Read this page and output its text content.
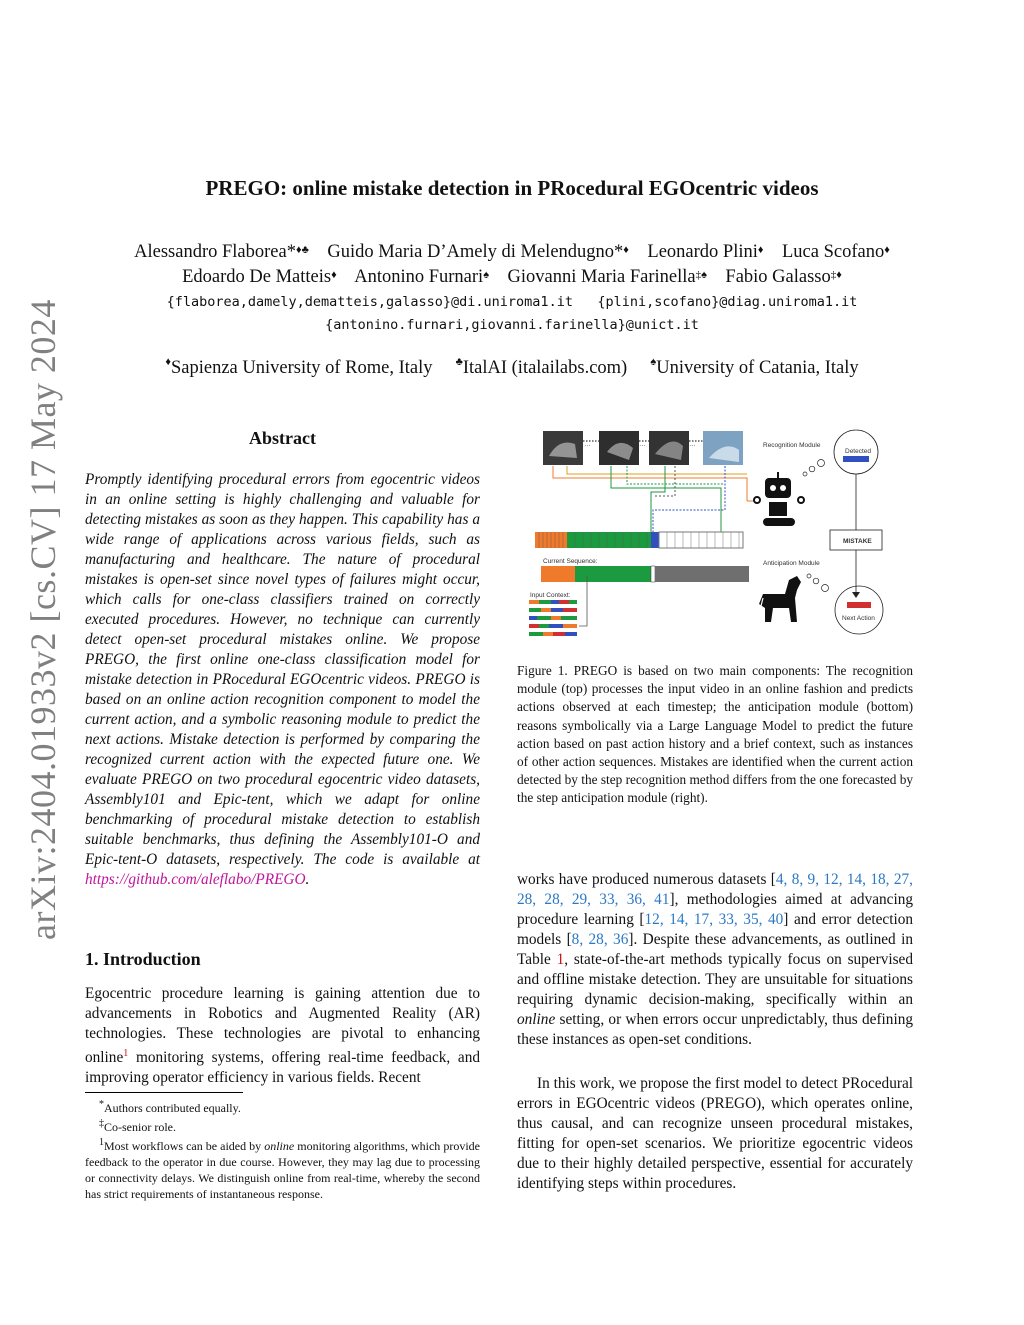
arXiv:2404.01933v2 [cs.CV] 17 May 2024
PREGO: online mistake detection in PRocedural EGOcentric videos
Alessandro Flaborea*♦♣ Guido Maria D’Amely di Melendugno*♦ Leonardo Plini♦ Luca Scofano♦
Edoardo De Matteis♦ Antonino Furnari♠ Giovanni Maria Farinella‡♠ Fabio Galasso‡♦
{flaborea,damely,dematteis,galasso}@di.uniroma1.it {plini,scofano}@diag.uniroma1.it
{antonino.furnari,giovanni.farinella}@unict.it
♦Sapienza University of Rome, Italy ♣ItalAI (italailabs.com) ♠University of Catania, Italy
Abstract
Promptly identifying procedural errors from egocentric videos in an online setting is highly challenging and valuable for detecting mistakes as soon as they happen. This capability has a wide range of applications across various fields, such as manufacturing and healthcare. The nature of procedural mistakes is open-set since novel types of failures might occur, which calls for one-class classifiers trained on correctly executed procedures. However, no technique can currently detect open-set procedural mistakes online. We propose PREGO, the first online one-class classification model for mistake detection in PRocedural EGOcentric videos. PREGO is based on an online action recognition component to model the current action, and a symbolic reasoning module to predict the next actions. Mistake detection is performed by comparing the recognized current action with the expected future one. We evaluate PREGO on two procedural egocentric video datasets, Assembly101 and Epic-tent, which we adapt for online benchmarking of procedural mistake detection to establish suitable benchmarks, thus defining the Assembly101-O and Epic-tent-O datasets, respectively. The code is available at https://github.com/aleflabo/PREGO.
1. Introduction
Egocentric procedure learning is gaining attention due to advancements in Robotics and Augmented Reality (AR) technologies. These technologies are pivotal to enhancing online$^1$ monitoring systems, offering real-time feedback, and improving operator efficiency in various fields. Recent
*Authors contributed equally.
‡Co-senior role.
$^1$Most workflows can be aided by online monitoring algorithms, which provide feedback to the operator in due course. However, they may lag due to processing or connectivity delays. We distinguish online from real-time, whereby the second has strict requirements of instantaneous response.
…	…	…
Current Sequence:
Input Context:
Recognition Module
Detected
MISTAKE
Anticipation Module
Next Action
Figure 1. PREGO is based on two main components: The recognition module (top) processes the input video in an online fashion and predicts actions observed at each timestep; the anticipation module (bottom) reasons symbolically via a Large Language Model to predict the future action based on past action history and a brief context, such as instances of other action sequences. Mistakes are identified when the current action detected by the step recognition method differs from the one forecasted by the step anticipation module (right).
works have produced numerous datasets [4, 8, 9, 12, 14, 18, 27, 28, 28, 29, 33, 36, 41], methodologies aimed at advancing procedure learning [12, 14, 17, 33, 35, 40] and error detection models [8, 28, 36]. Despite these advancements, as outlined in Table 1, state-of-the-art methods typically focus on supervised and offline mistake detection. They are unsuitable for situations requiring dynamic decision-making, specifically within an online setting, or when errors occur unpredictably, thus defining these instances as open-set conditions.
In this work, we propose the first model to detect PRocedural errors in EGOcentric videos (PREGO), which operates online, thus causal, and can recognize unseen procedural mistakes, fitting for open-set scenarios. We prioritize egocentric videos due to their highly detailed perspective, essential for accurately identifying steps within procedures.
